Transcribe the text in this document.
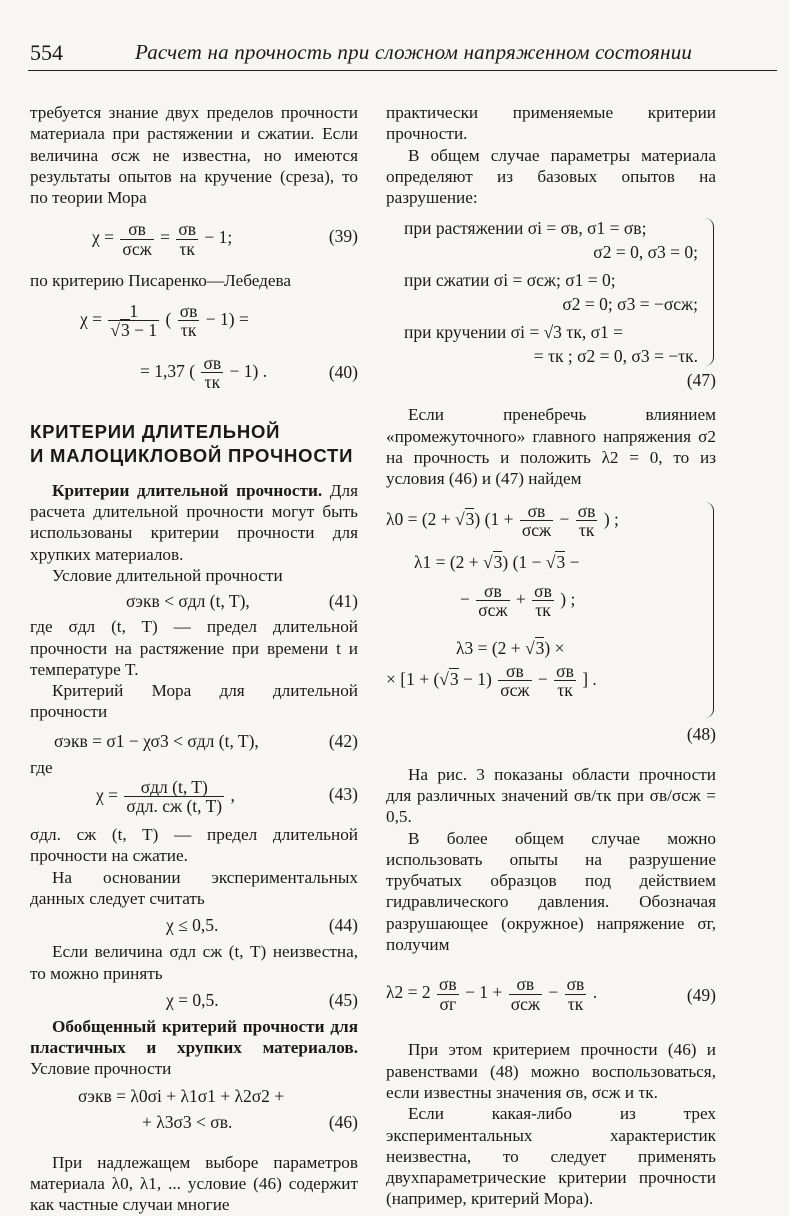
554	Расчет на прочность при сложном напряженном состоянии

требуется знание двух пределов прочности материала при растяжении и сжатии. Если величина σсж не известна, но имеются результаты опытов на кручение (среза), то по теории Мора

$\chi = \frac{\sigma в}{\text{σсж}} = \frac{\sigma в}{\tau к} - 1$;	(39)

по критерию Писаренко—Лебедева

$\chi = \frac{1}{√3 - 1}$ ( $\frac{\sigma в}{\tau к} - 1$) =
= 1,37 ( $\frac{\sigma в}{\tau к} - 1$) .	(40)
КРИТЕРИИ ДЛИТЕЛЬНОЙ
И МАЛОЦИКЛОВОЙ ПРОЧНОСТИ

Критерии длительной прочности. Для расчета длительной прочности могут быть использованы критерии прочности для хрупких материалов.

Условие длительной прочности

σэкв < σдл (t, T),	(41)

где σдл (t, T) — предел длительной прочности на растяжение при времени t и температуре T.

Критерий Мора для длительной прочности

σэкв = σ1 − χσ3 < σдл (t, T),	(42)

где

$\chi = \frac{\text{σдл (t, T)}}{\text{σдл. сж (t, T)}}$ ,	(43)

σдл. сж (t, T) — предел длительной прочности на сжатие.

На основании экспериментальных данных следует считать

χ ≤ 0,5.	(44)

Если величина σдл сж (t, T) неизвестна, то можно принять

χ = 0,5.	(45)

Обобщенный критерий прочности для пластичных и хрупких материалов. Условие прочности

σэкв = λ0σi + λ1σ1 + λ2σ2 +
+ λ3σ3 < σв.	(46)

При надлежащем выборе параметров материала λ0, λ1, ... условие (46) содержит как частные случаи многие

практически применяемые критерии прочности.

В общем случае параметры материала определяют из базовых опытов на разрушение:

при растяжении σi = σв, σ1 = σв;
σ2 = 0, σ3 = 0;
при сжатии σi = σсж; σ1 = 0;
σ2 = 0; σ3 = −σсж;
при кручении σi = √3 τк, σ1 =
= τк ; σ2 = 0, σ3 = −τк.
(47)

Если пренебречь влиянием «промежуточного» главного напряжения σ2 на прочность и положить λ2 = 0, то из условия (46) и (47) найдем

λ0 = (2 + √3) ($1 + \frac{\sigma в}{\text{σсж}} - \frac{\sigma в}{\tau к}$ ) ;
λ1 = (2 + √3) (1 − √3 −
− $\frac{\sigma в}{\text{σсж}} + \frac{\sigma в}{\tau к}$ ) ;
λ3 = (2 + √3) ×
× [$1 + (√3 - 1) \frac{\sigma в}{\text{σсж}} - \frac{\sigma в}{\tau к}$ ] .
(48)

На рис. 3 показаны области прочности для различных значений σв/τк при σв/σсж = 0,5.

В более общем случае можно использовать опыты на разрушение трубчатых образцов под действием гидравлического давления. Обозначая разрушающее (окружное) напряжение σг, получим

$\lambda 2 = 2 \frac{\sigma в}{\sigma г} - 1 + \frac{\sigma в}{\text{σсж}} - \frac{\sigma в}{\tau к}$ .	(49)

При этом критерием прочности (46) и равенствами (48) можно воспользоваться, если известны значения σв, σсж и τк.

Если какая-либо из трех экспериментальных характеристик неизвестна, то следует применять двухпараметрические критерии прочности (например, критерий Мора).
